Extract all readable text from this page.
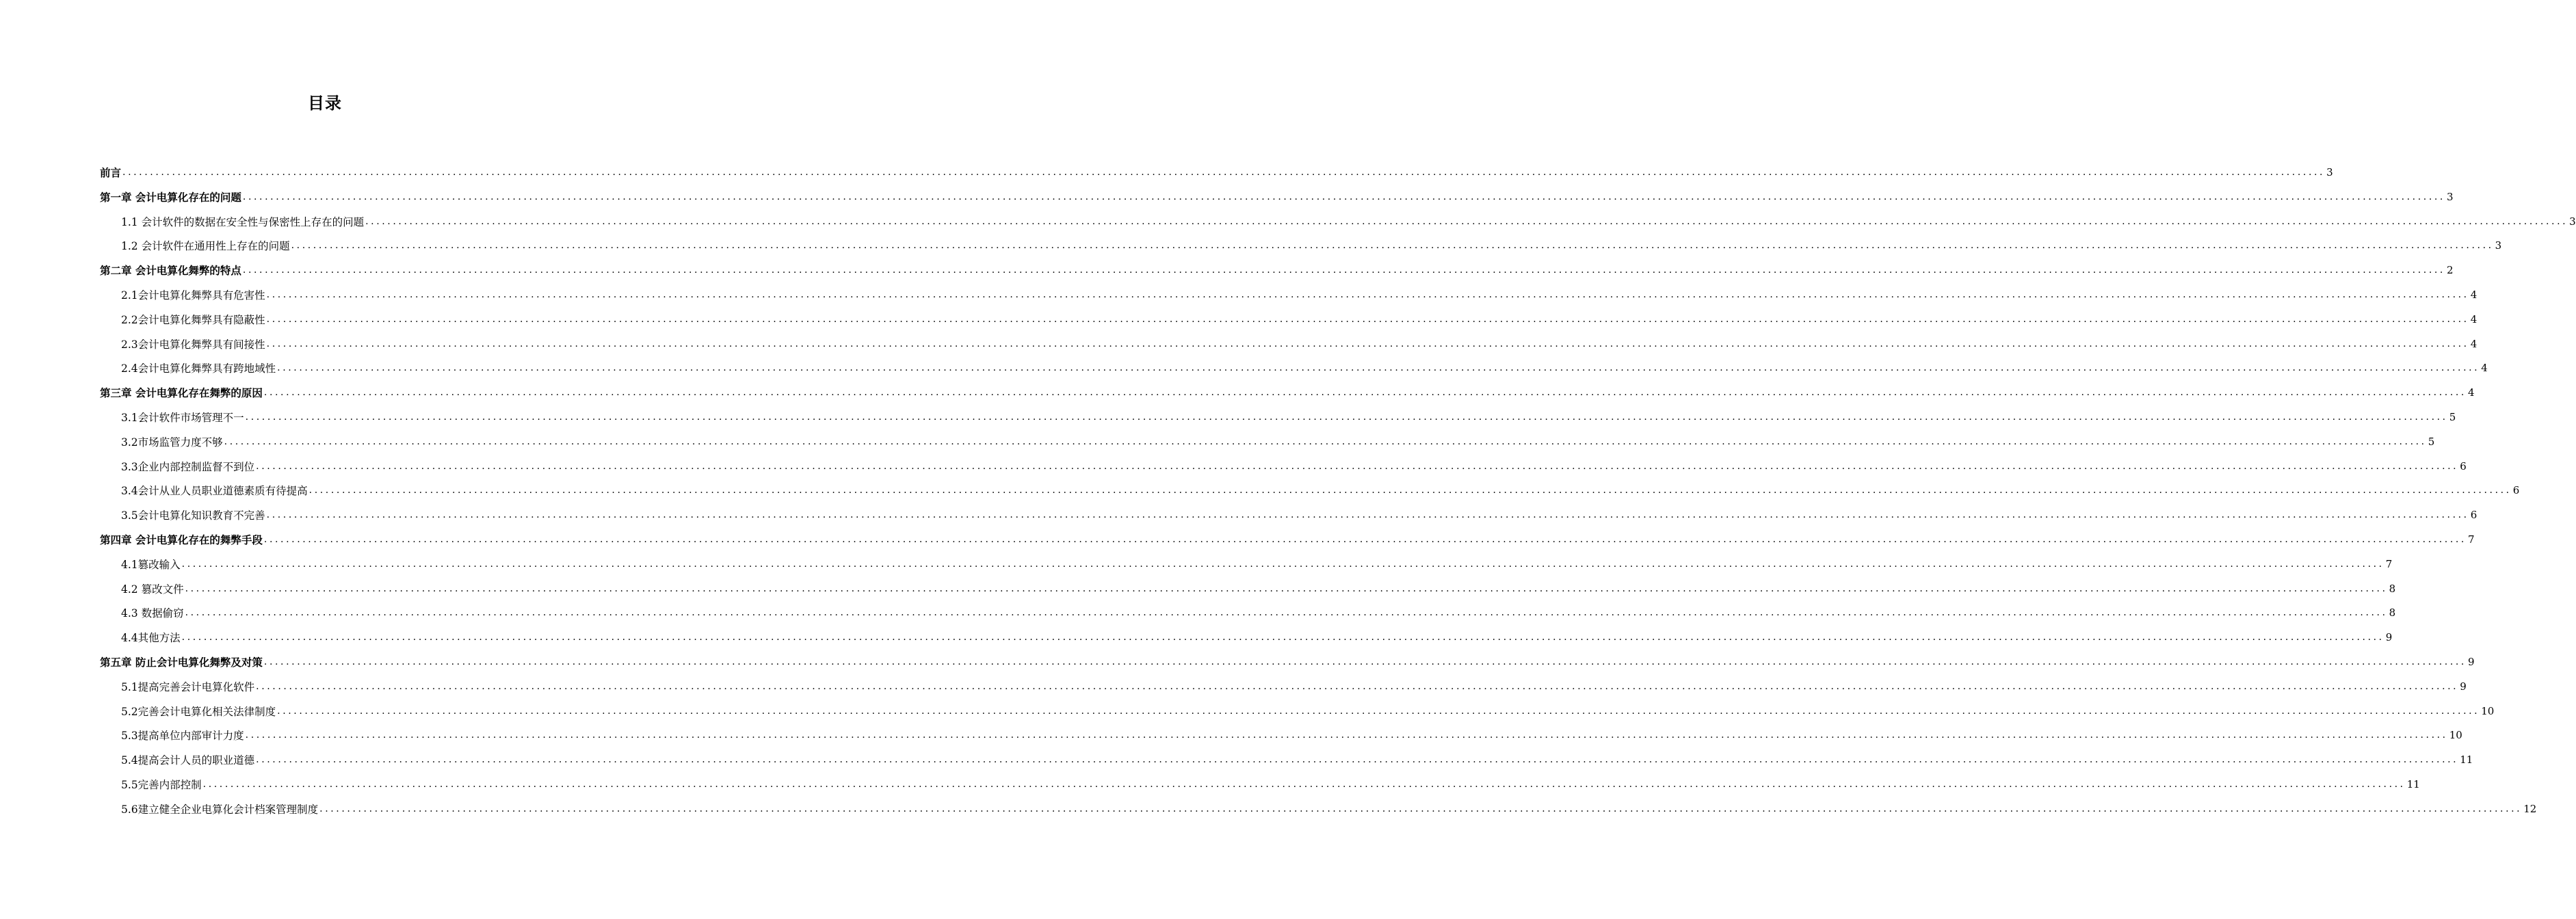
目录
前言 ................................................................................................................................................................................................................................................................................................................................................................................................................ 3
第一章 会计电算化存在的问题 ................................................................................................................................................................................................................................................................................................................................................................................................................ 3
1.1 会计软件的数据在安全性与保密性上存在的问题 ................................................................................................................................................................................................................................................................................................................................................................................................................ 3
1.2 会计软件在通用性上存在的问题 ................................................................................................................................................................................................................................................................................................................................................................................................................ 3
第二章 会计电算化舞弊的特点 ................................................................................................................................................................................................................................................................................................................................................................................................................ 2
2.1会计电算化舞弊具有危害性 ................................................................................................................................................................................................................................................................................................................................................................................................................ 4
2.2会计电算化舞弊具有隐蔽性 ................................................................................................................................................................................................................................................................................................................................................................................................................ 4
2.3会计电算化舞弊具有间接性 ................................................................................................................................................................................................................................................................................................................................................................................................................ 4
2.4会计电算化舞弊具有跨地域性 ................................................................................................................................................................................................................................................................................................................................................................................................................ 4
第三章 会计电算化存在舞弊的原因 ................................................................................................................................................................................................................................................................................................................................................................................................................ 4
3.1会计软件市场管理不一 ................................................................................................................................................................................................................................................................................................................................................................................................................ 5
3.2市场监管力度不够 ................................................................................................................................................................................................................................................................................................................................................................................................................ 5
3.3企业内部控制监督不到位 ................................................................................................................................................................................................................................................................................................................................................................................................................ 6
3.4会计从业人员职业道德素质有待提高 ................................................................................................................................................................................................................................................................................................................................................................................................................ 6
3.5会计电算化知识教育不完善 ................................................................................................................................................................................................................................................................................................................................................................................................................ 6
第四章 会计电算化存在的舞弊手段 ................................................................................................................................................................................................................................................................................................................................................................................................................ 7
4.1篡改输入 ................................................................................................................................................................................................................................................................................................................................................................................................................ 7
4.2 篡改文件 ................................................................................................................................................................................................................................................................................................................................................................................................................ 8
4.3 数据偷窃 ................................................................................................................................................................................................................................................................................................................................................................................................................ 8
4.4其他方法 ................................................................................................................................................................................................................................................................................................................................................................................................................ 9
第五章 防止会计电算化舞弊及对策 ................................................................................................................................................................................................................................................................................................................................................................................................................ 9
5.1提高完善会计电算化软件 ................................................................................................................................................................................................................................................................................................................................................................................................................ 9
5.2完善会计电算化相关法律制度 ................................................................................................................................................................................................................................................................................................................................................................................................................ 10
5.3提高单位内部审计力度 ................................................................................................................................................................................................................................................................................................................................................................................................................ 10
5.4提高会计人员的职业道德 ................................................................................................................................................................................................................................................................................................................................................................................................................ 11
5.5完善内部控制 ................................................................................................................................................................................................................................................................................................................................................................................................................ 11
5.6建立健全企业电算化会计档案管理制度 ................................................................................................................................................................................................................................................................................................................................................................................................................ 12
